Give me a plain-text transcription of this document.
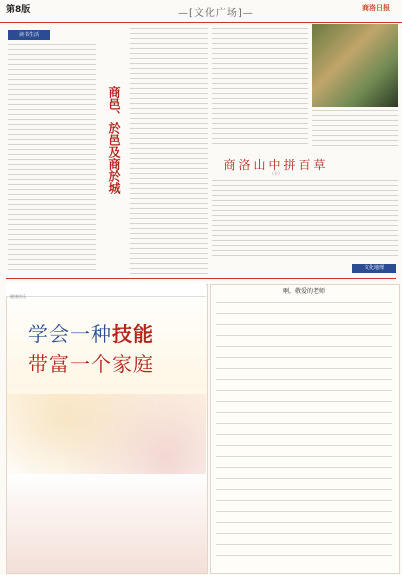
第8版	—[文化广场]—	商洛日报
读书生活
商邑、於邑及商於城	商洛山中拼百草
（十）
文化地理
健康快乐
学会一种技能
带富一个家庭
啊，敬爱的老师
